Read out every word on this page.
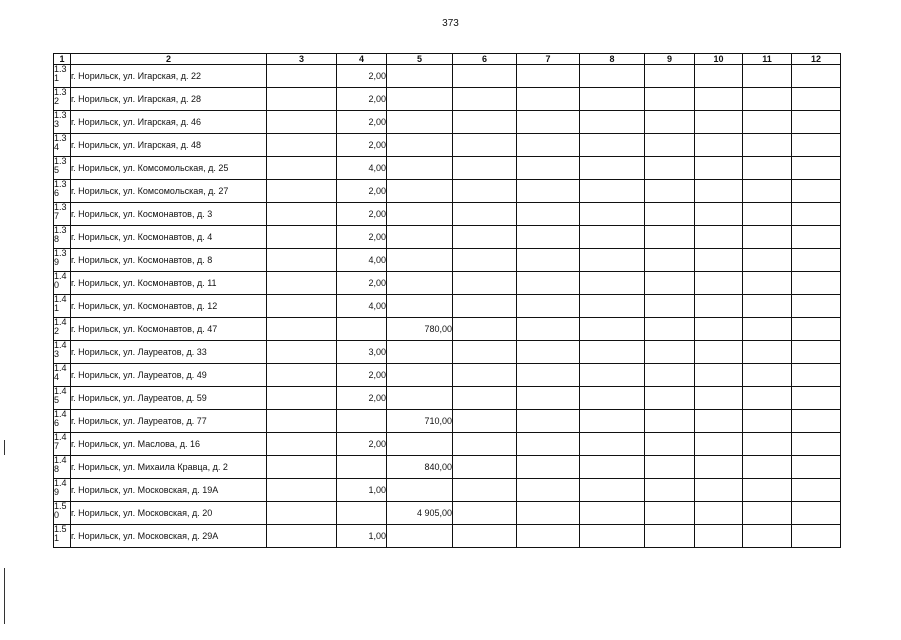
373
1	2	3	4	5	6	7	8	9	10	11	12
1.3 1	г. Норильск, ул. Игарская, д. 22		2,00								
1.3 2	г. Норильск, ул. Игарская, д. 28		2,00								
1.3 3	г. Норильск, ул. Игарская, д. 46		2,00								
1.3 4	г. Норильск, ул. Игарская, д. 48		2,00								
1.3 5	г. Норильск, ул. Комсомольская, д. 25		4,00								
1.3 6	г. Норильск, ул. Комсомольская, д. 27		2,00								
1.3 7	г. Норильск, ул. Космонавтов, д. 3		2,00								
1.3 8	г. Норильск, ул. Космонавтов, д. 4		2,00								
1.3 9	г. Норильск, ул. Космонавтов, д. 8		4,00								
1.4 0	г. Норильск, ул. Космонавтов, д. 11		2,00								
1.4 1	г. Норильск, ул. Космонавтов, д. 12		4,00								
1.4 2	г. Норильск, ул. Космонавтов, д. 47			780,00							
1.4 3	г. Норильск, ул. Лауреатов, д. 33		3,00								
1.4 4	г. Норильск, ул. Лауреатов, д. 49		2,00								
1.4 5	г. Норильск, ул. Лауреатов, д. 59		2,00								
1.4 6	г. Норильск, ул. Лауреатов, д. 77			710,00							
1.4 7	г. Норильск, ул. Маслова, д. 16		2,00								
1.4 8	г. Норильск, ул. Михаила Кравца, д. 2			840,00							
1.4 9	г. Норильск, ул. Московская, д. 19А		1,00								
1.5 0	г. Норильск, ул. Московская, д. 20			4 905,00							
1.5 1	г. Норильск, ул. Московская, д. 29А		1,00								
